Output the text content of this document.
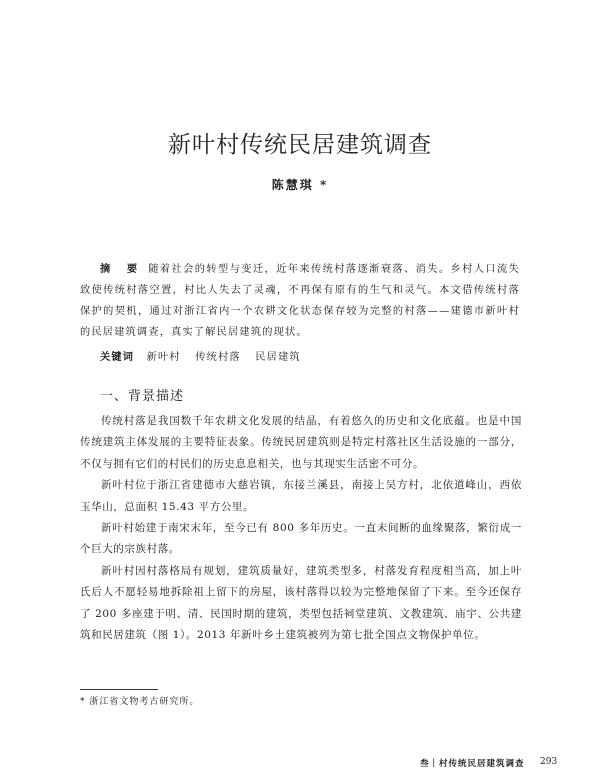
新叶村传统民居建筑调查
陈慧琪 *
摘　要 随着社会的转型与变迁，近年来传统村落逐渐衰落、消失。乡村人口流失致使传统村落空置，村比人失去了灵魂，不再保有原有的生气和灵气。本文借传统村落保护的契机，通过对浙江省内一个农耕文化状态保存较为完整的村落——建德市新叶村的民居建筑调查，真实了解民居建筑的现状。
关键词 新叶村 传统村落 民居建筑
一、背景描述

传统村落是我国数千年农耕文化发展的结晶，有着悠久的历史和文化底蕴。也是中国传统建筑主体发展的主要特征表象。传统民居建筑则是特定村落社区生活设施的一部分，不仅与拥有它们的村民们的历史息息相关，也与其现实生活密不可分。

新叶村位于浙江省建德市大慈岩镇，东接兰溪县，南接上吴方村，北依道峰山，西依玉华山，总面积 15.43 平方公里。

新叶村始建于南宋末年，至今已有 800 多年历史。一直未间断的血缘聚落，繁衍成一个巨大的宗族村落。

新叶村因村落格局有规划，建筑质量好，建筑类型多，村落发育程度相当高，加上叶氏后人不愿轻易地拆除祖上留下的房屋，该村落得以较为完整地保留了下来。至今还保存了 200 多座建于明、清、民国时期的建筑，类型包括祠堂建筑、文教建筑、庙宇、公共建筑和民居建筑（图 1）。2013 年新叶乡土建筑被列为第七批全国点文物保护单位。

* 浙江省文物考古研究所。
叁｜村传统民居建筑调查 293
